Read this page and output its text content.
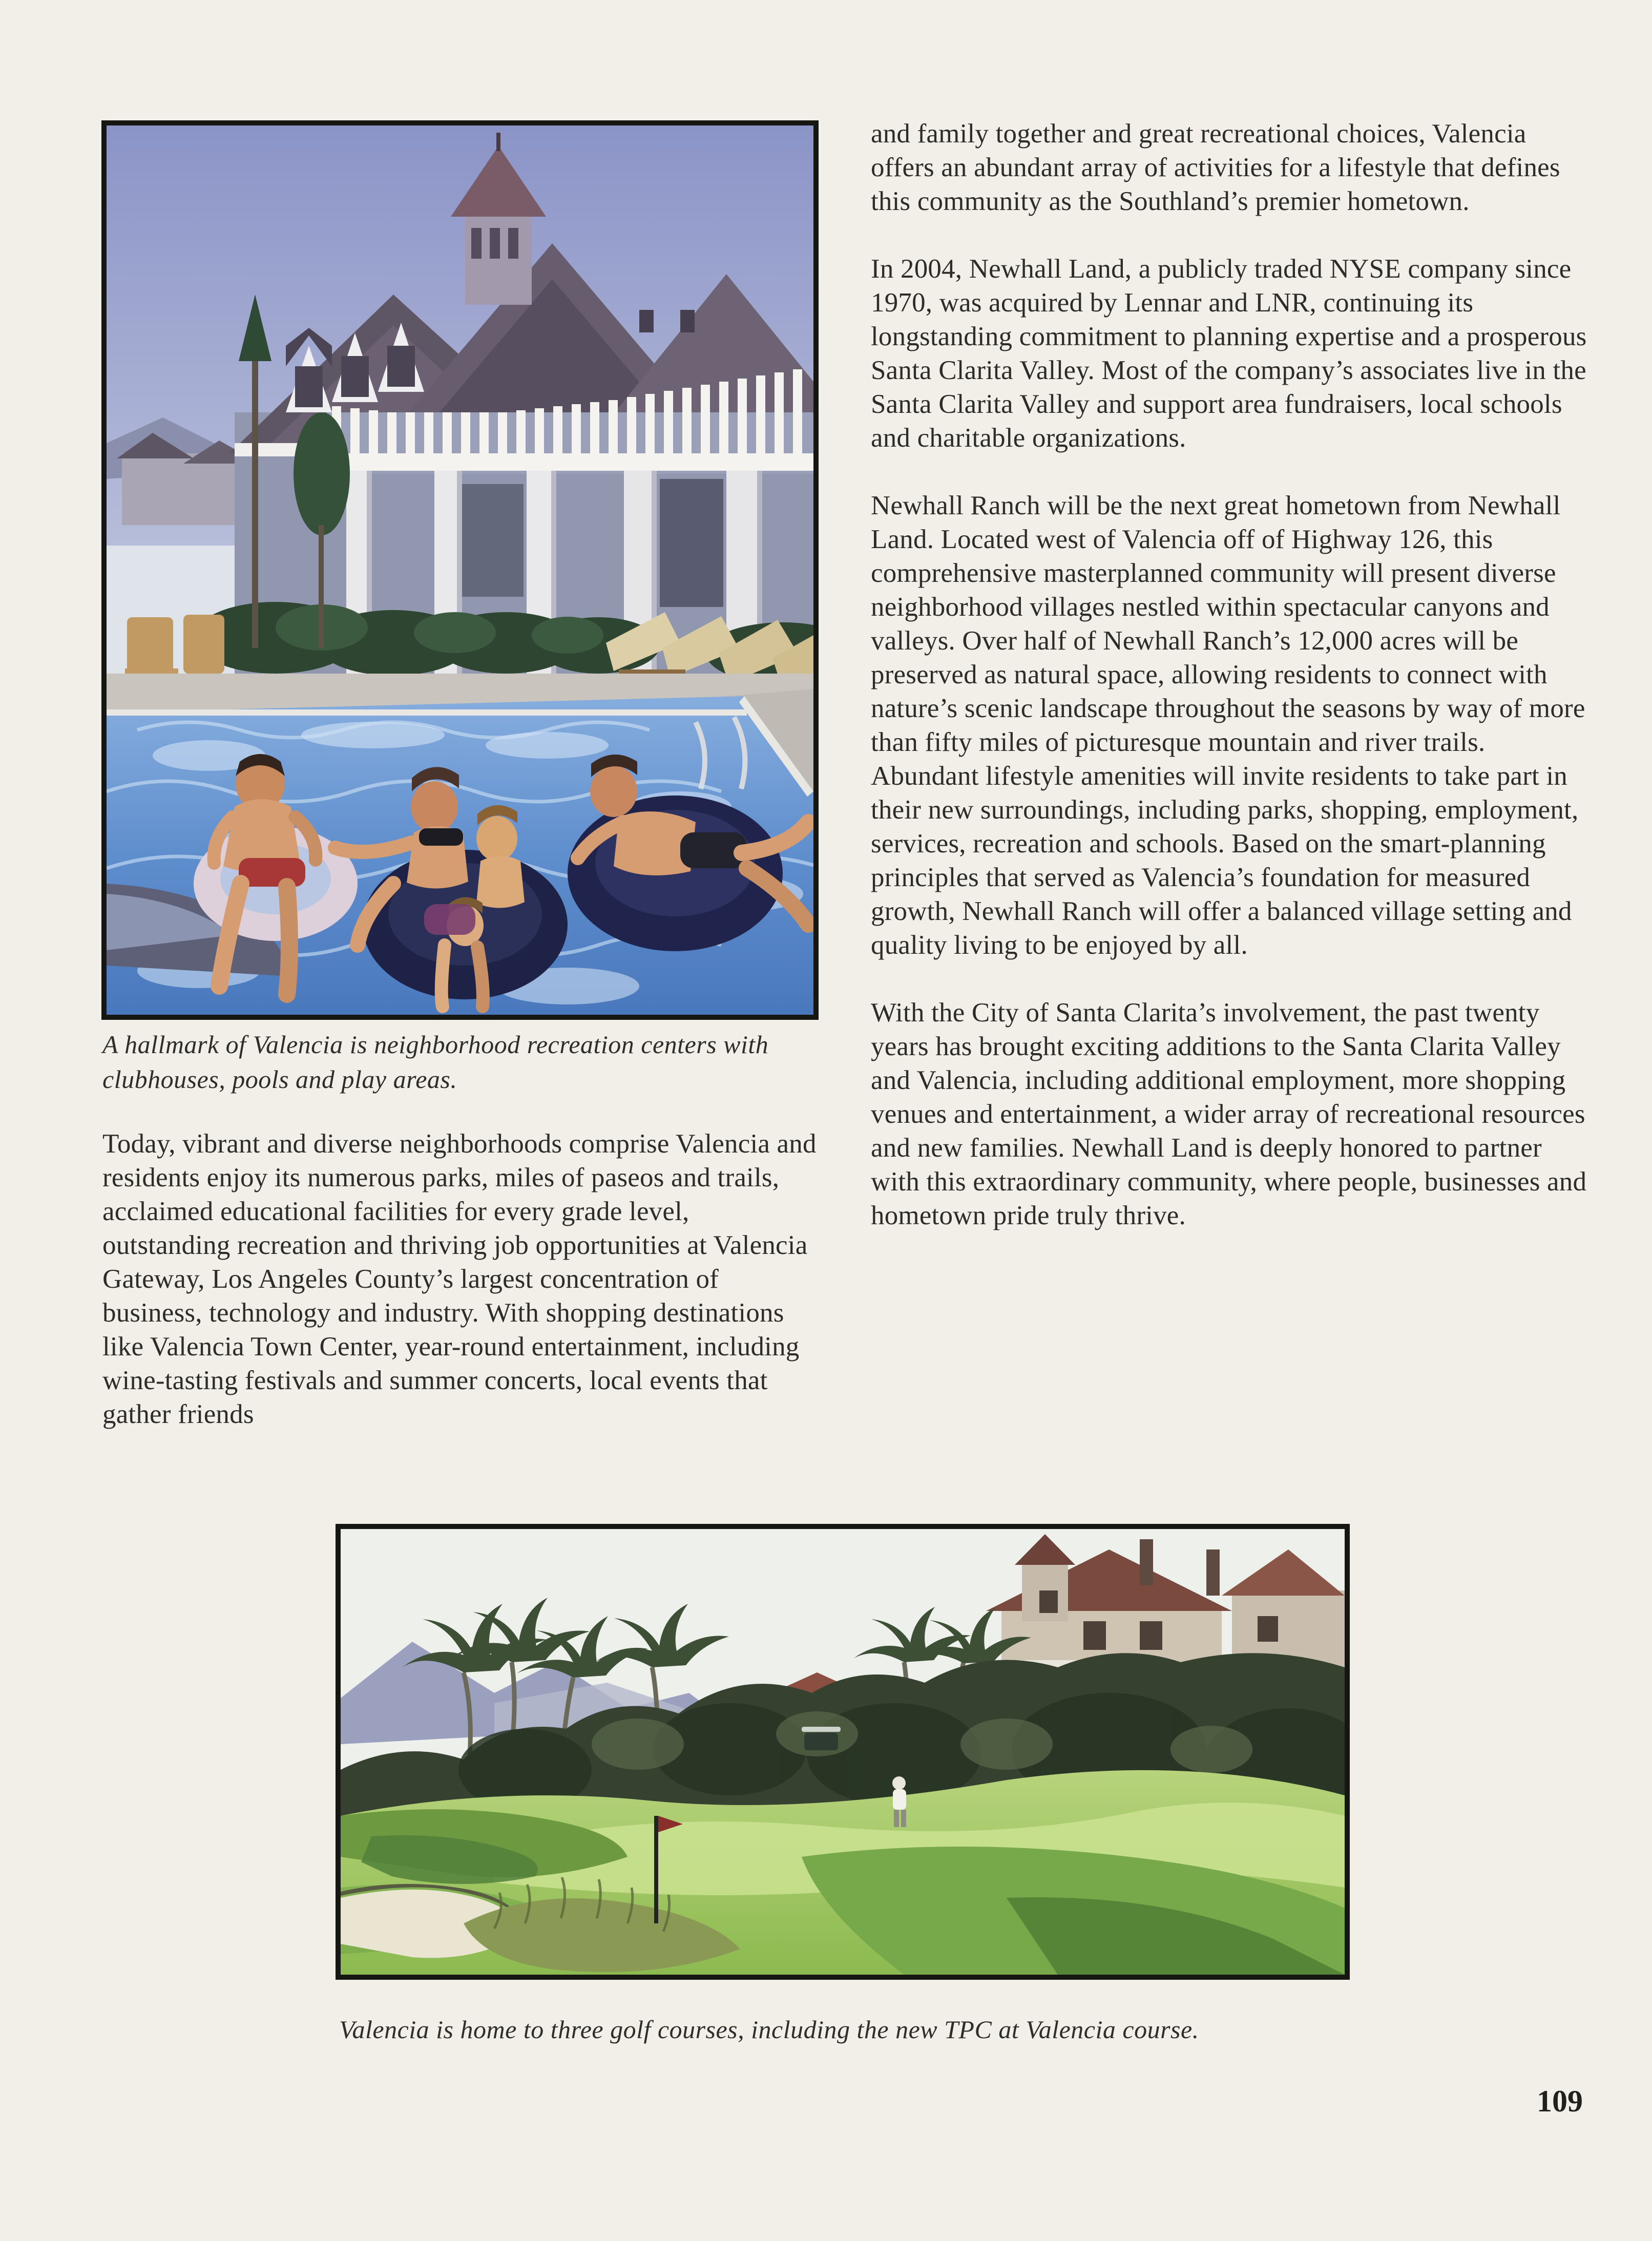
A hallmark of Valencia is neighborhood recreation centers with clubhouses, pools and play areas.

Today, vibrant and diverse neighborhoods comprise Valencia and residents enjoy its numerous parks, miles of paseos and trails, acclaimed educational facilities for every grade level, outstanding recreation and thriving job opportunities at Valencia Gateway, Los Angeles County’s largest concentration of business, technology and industry. With shopping destinations like Valencia Town Center, year-round entertainment, including wine-tasting festivals and summer concerts, local events that gather friends

and family together and great recreational choices, Valencia offers an abundant array of activities for a lifestyle that defines this community as the Southland’s premier hometown.

In 2004, Newhall Land, a publicly traded NYSE company since 1970, was acquired by Lennar and LNR, continuing its longstanding commitment to planning expertise and a prosperous Santa Clarita Valley. Most of the company’s associates live in the Santa Clarita Valley and support area fundraisers, local schools and charitable organizations.

Newhall Ranch will be the next great hometown from Newhall Land. Located west of Valencia off of Highway 126, this comprehensive masterplanned community will present diverse neighborhood villages nestled within spectacular canyons and valleys. Over half of Newhall Ranch’s 12,000 acres will be preserved as natural space, allowing residents to connect with nature’s scenic landscape throughout the seasons by way of more than fifty miles of picturesque mountain and river trails. Abundant lifestyle amenities will invite residents to take part in their new surroundings, including parks, shopping, employment, services, recreation and schools. Based on the smart-planning principles that served as Valencia’s foundation for measured growth, Newhall Ranch will offer a balanced village setting and quality living to be enjoyed by all.

With the City of Santa Clarita’s involvement, the past twenty years has brought exciting additions to the Santa Clarita Valley and Valencia, including additional employment, more shopping venues and entertainment, a wider array of recreational resources and new families. Newhall Land is deeply honored to partner with this extraordinary community, where people, businesses and hometown pride truly thrive.

Valencia is home to three golf courses, including the new TPC at Valencia course.
109
